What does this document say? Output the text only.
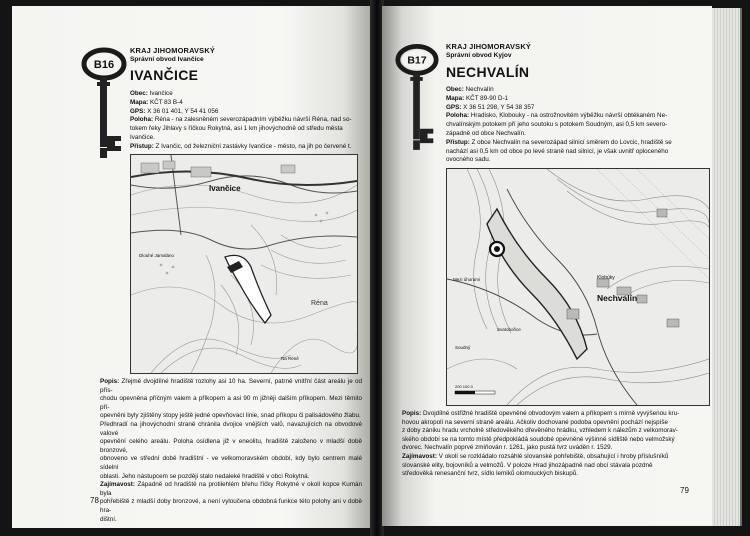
B16
KRAJ JIHOMORAVSKÝ
Správní obvod Ivančice
IVANČICE
Obec: Ivančice
Mapa: KČT 83 B-4
GPS: X 36 01 401, Y 54 41 056
Poloha: Réna - na zalesněném severozápadním výběžku návrší Réna, nad so-
tokem řeky Jihlavy s říčkou Rokytná, asi 1 km jihovýchodně od středu města
Ivančice.
Přístup: Z Ivančic, od železniční zastávky Ivančice - město, na jih po červené t.
Ivančice
Dlouhé Jamaláno
Réna
Na Réně
Popis: Zřejmě dvojdílné hradiště rozlohy asi 10 ha. Severní, patrně vnitřní část areálu je od přís-
chodu opevněna příčným valem a příkopem a asi 90 m jižněji dalším příkopem. Mezi těmito pří-
opevněni byly zjištěny stopy ještě jedné opevňovací linie, snad příkopu či palisádového žlabu.
Předhradí na jihovýchodní straně chránila dvojice vnějších valů, navazujících na obvodové valové
opevnění celého areálu. Poloha osídlena již v eneolitu, hradiště založeno v mladší době bronzové,
obnoveno ve střední době hradištní - ve velkomoravském období, kdy bylo centrem malé sídelní
oblasti. Jeho nástupcem se později stalo nedaleké hradiště v obci Rokytná.
Zajímavost: Západně od hradiště na protilehlém břehu říčky Rokytné v okolí kopce Kumán byla
pohřebiště z mladší doby bronzové, a není vyloučena obdobná funkce této polohy ani v době hra-
dištní.
78
B17
KRAJ JIHOMORAVSKÝ
Správní obvod Kyjov
NECHVALÍN
Obec: Nechvalín
Mapa: KČT 89-90 D-1
GPS: X 36 51 298, Y 54 38 357
Poloha: Hradisko, Kloboukу - na ostrožnovitém výběžku návrší obtékaném Ne-
chvalínským potokem pří jeho soutoku s potokem Soudným, asi 0,5 km severo-
západně od obce Nechvalín.
Přístup: Z obce Nechvalín na severozápad silnicí směrem do Lovcic, hradiště se
nachází asi 0,5 km od obce po levé straně nad silnicí, je však uvnitř oploceného
ovocného sadu.
Nechvalín
Klobúky
Mezi úhorami
Svatobořice
Soudný
200 100 0
Popis: Dvojdílné ostřižné hradiště opevněné obvodovým valem a příkopem s mírně vyvýšenou kru-
hovou akropolí na severní straně areálu. Ačkoliv dochované podoba opevnění pochází nejspíše
z doby zániku hradu vrcholně středověkého dřevěného hrádku, vzhledem k nálezům z velkomorav-
ského období se na tomto místě předpokládá soudobé opevněné výšinné sídliště nebo velmožský
dvorec. Nechvalín poprvé zmiňován r. 1261, jako pustá tvrz uváděn r. 1529.
Zajímavost: V okolí se rozkládalo rozsáhlé slovanské pohřebiště, obsahující i hroby příslušníků
slovanské elity, bojovníků a velmožů. V poloze Hrad jihozápadně nad obcí stávala pozdně
středověká renesanční tvrz, sídlo lemiků olomouckých biskupů.
79
